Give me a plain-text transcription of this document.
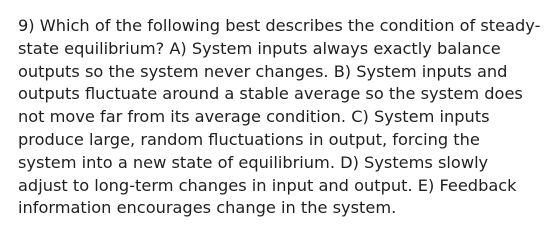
9) Which of the following best describes the condition of steady-state equilibrium? A) System inputs always exactly balance outputs so the system never changes. B) System inputs and outputs fluctuate around a stable average so the system does not move far from its average condition. C) System inputs produce large, random fluctuations in output, forcing the system into a new state of equilibrium. D) Systems slowly adjust to long-term changes in input and output. E) Feedback information encourages change in the system.
